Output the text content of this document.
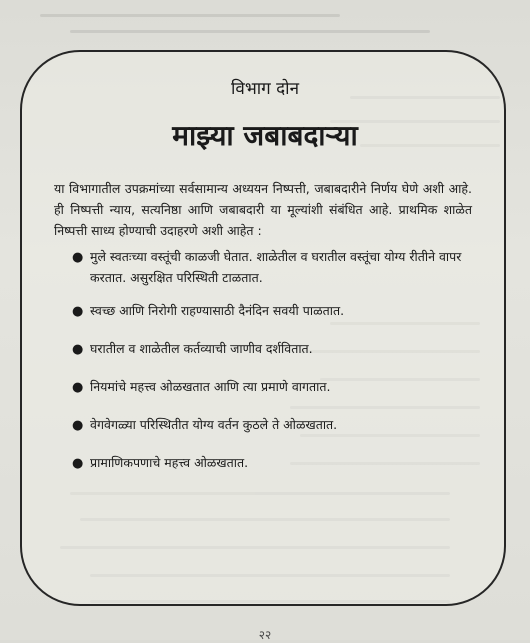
विभाग दोन
माझ्या जबाबदाऱ्या
या विभागातील उपक्रमांच्या सर्वसामान्य अध्ययन निष्पत्ती, जबाबदारीने निर्णय घेणे अशी आहे. ही निष्पत्ती न्याय, सत्यनिष्ठा आणि जबाबदारी या मूल्यांशी संबंधित आहे. प्राथमिक शाळेत निष्पत्ती साध्य होण्याची उदाहरणे अशी आहेत :
● मुले स्वतःच्या वस्तूंची काळजी घेतात. शाळेतील व घरातील वस्तूंचा योग्य रीतीने वापर करतात. असुरक्षित परिस्थिती टाळतात.
● स्वच्छ आणि निरोगी राहण्यासाठी दैनंदिन सवयी पाळतात.
● घरातील व शाळेतील कर्तव्याची जाणीव दर्शवितात.
● नियमांचे महत्त्व ओळखतात आणि त्या प्रमाणे वागतात.
● वेगवेगळ्या परिस्थितीत योग्य वर्तन कुठले ते ओळखतात.
● प्रामाणिकपणाचे महत्त्व ओळखतात.
२२
